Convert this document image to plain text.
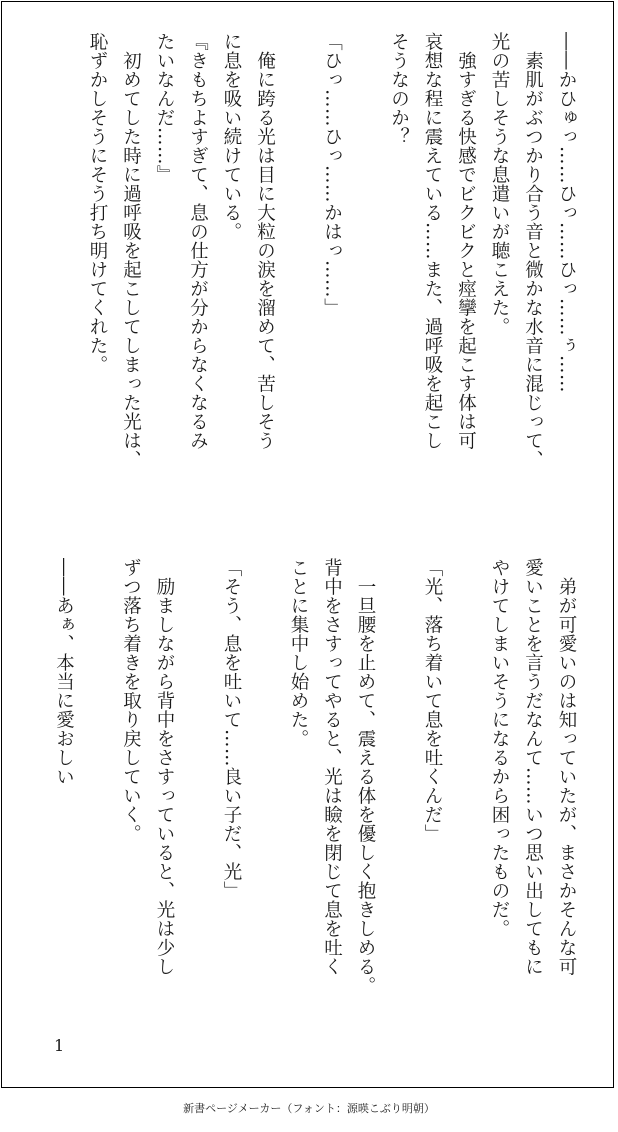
――かひゅっ……ひっ……ひっ……ぅ……
　素肌がぶつかり合う音と微かな水音に混じって、
光の苦しそうな息遣いが聴こえた。
　強すぎる快感でビクビクと痙攣を起こす体は可
哀想な程に震えている……また、過呼吸を起こし
そうなのか？
「ひっ……ひっ……かはっ……」
　俺に跨る光は目に大粒の涙を溜めて、苦しそう
に息を吸い続けている。
『きもちよすぎて、息の仕方が分からなくなるみ
たいなんだ……』
　初めてした時に過呼吸を起こしてしまった光は、
恥ずかしそうにそう打ち明けてくれた。
　弟が可愛いのは知っていたが、まさかそんな可
愛いことを言うだなんて……いつ思い出してもに
やけてしまいそうになるから困ったものだ。
「光、落ち着いて息を吐くんだ」
　一旦腰を止めて、震える体を優しく抱きしめる。
背中をさすってやると、光は瞼を閉じて息を吐く
ことに集中し始めた。
「そう、息を吐いて……良い子だ、光」
　励ましながら背中をさすっていると、光は少し
ずつ落ち着きを取り戻していく。
――あぁ、本当に愛おしい
1
新書ページメーカー（フォント：源暎こぶり明朝）
